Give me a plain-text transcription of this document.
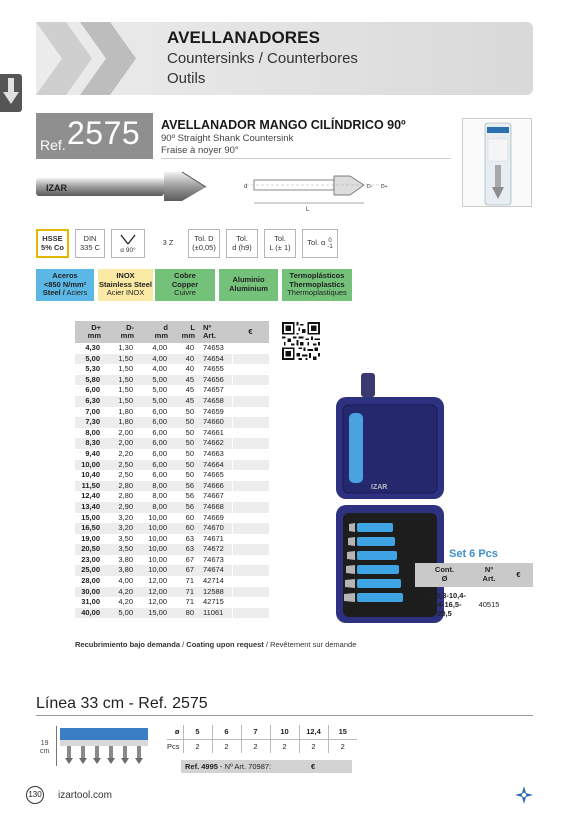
AVELLANADORES
Countersinks / Counterbores
Outils
Ref. 2575 AVELLANADOR MANGO CILÍNDRICO 90º
90º Straight Shank Countersink
Fraise à noyer 90°
IZAR
L
d	D- D+
HSSE
5% Co
DIN
335 C	α 90°
3 Z	Tol. D
(±0,05)
Tol.
d (h9)
Tol.
L (± 1) Tol. α 0
-1
Aceros
<850 N/mm²
Steel / Aciers
INOX
Stainless Steel
Acier INOX
Cobre
Copper
Cuivre
Aluminio
Aluminium
Termoplásticos
Thermoplastics
Thermoplastiques
D+
mm	D-
mm	d
mm	L
mm	Nº
Art.	€
4,30	1,30	4,00	40	74653	
5,00	1,50	4,00	40	74654	
5,30	1,50	4,00	40	74655	
5,80	1,50	5,00	45	74656	
6,00	1,50	5,00	45	74657	
6,30	1,50	5,00	45	74658	
7,00	1,80	6,00	50	74659	
7,30	1,80	6,00	50	74660	
8,00	2,00	6,00	50	74661	
8,30	2,00	6,00	50	74662	
9,40	2,20	6,00	50	74663	
10,00	2,50	6,00	50	74664	
10,40	2,50	6,00	50	74665	
11,50	2,80	8,00	56	74666	
12,40	2,80	8,00	56	74667	
13,40	2,90	8,00	56	74668	
15,00	3,20	10,00	60	74669	
16,50	3,20	10,00	60	74670	
19,00	3,50	10,00	63	74671	
20,50	3,50	10,00	63	74672	
23,00	3,80	10,00	67	74673	
25,00	3,80	10,00	67	74674	
28,00	4,00	12,00	71	42714	
30,00	4,20	12,00	71	12588	
31,00	4,20	12,00	71	42715	
40,00	5,00	15,00	80	11061	
IZAR
Set 6 Pcs
Cont.
Ø	Nº
Art.	€
6,3-8,3-10,4-
12,4-16,5-
20,5	40515	
Recubrimiento bajo demanda / Coating upon request / Revêtement sur demande
Línea 33 cm - Ref. 2575
19
cm
ø	5	6	7	10	12,4	15
Pcs	2	2	2	2	2	2
Ref. 4995 - Nº Art. 70987:	€
130 izartool.com
